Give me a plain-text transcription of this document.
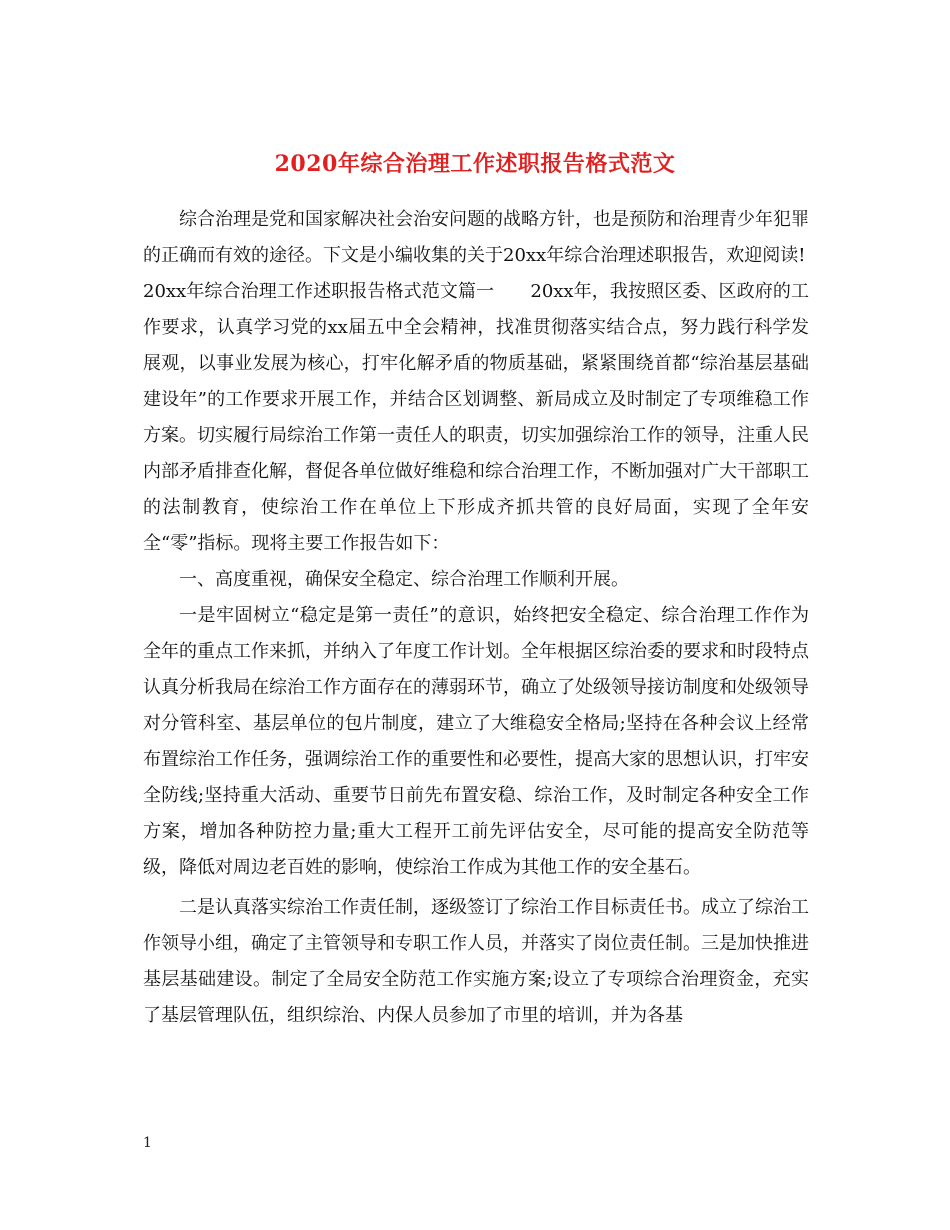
2020年综合治理工作述职报告格式范文

综合治理是党和国家解决社会治安问题的战略方针，也是预防和治理青少年犯罪的正确而有效的途径。下文是小编收集的关于20xx年综合治理述职报告，欢迎阅读!

20xx年综合治理工作述职报告格式范文篇一　　20xx年，我按照区委、区政府的工作要求，认真学习党的xx届五中全会精神，找准贯彻落实结合点，努力践行科学发展观，以事业发展为核心，打牢化解矛盾的物质基础，紧紧围绕首都“综治基层基础建设年”的工作要求开展工作，并结合区划调整、新局成立及时制定了专项维稳工作方案。切实履行局综治工作第一责任人的职责，切实加强综治工作的领导，注重人民内部矛盾排查化解，督促各单位做好维稳和综合治理工作，不断加强对广大干部职工的法制教育，使综治工作在单位上下形成齐抓共管的良好局面，实现了全年安全“零”指标。现将主要工作报告如下：

一、高度重视，确保安全稳定、综合治理工作顺利开展。

一是牢固树立“稳定是第一责任”的意识，始终把安全稳定、综合治理工作作为全年的重点工作来抓，并纳入了年度工作计划。全年根据区综治委的要求和时段特点认真分析我局在综治工作方面存在的薄弱环节，确立了处级领导接访制度和处级领导对分管科室、基层单位的包片制度，建立了大维稳安全格局;坚持在各种会议上经常布置综治工作任务，强调综治工作的重要性和必要性，提高大家的思想认识，打牢安全防线;坚持重大活动、重要节日前先布置安稳、综治工作，及时制定各种安全工作方案，增加各种防控力量;重大工程开工前先评估安全，尽可能的提高安全防范等级，降低对周边老百姓的影响，使综治工作成为其他工作的安全基石。

二是认真落实综治工作责任制，逐级签订了综治工作目标责任书。成立了综治工作领导小组，确定了主管领导和专职工作人员，并落实了岗位责任制。三是加快推进基层基础建设。制定了全局安全防范工作实施方案;设立了专项综合治理资金，充实了基层管理队伍，组织综治、内保人员参加了市里的培训，并为各基

1
